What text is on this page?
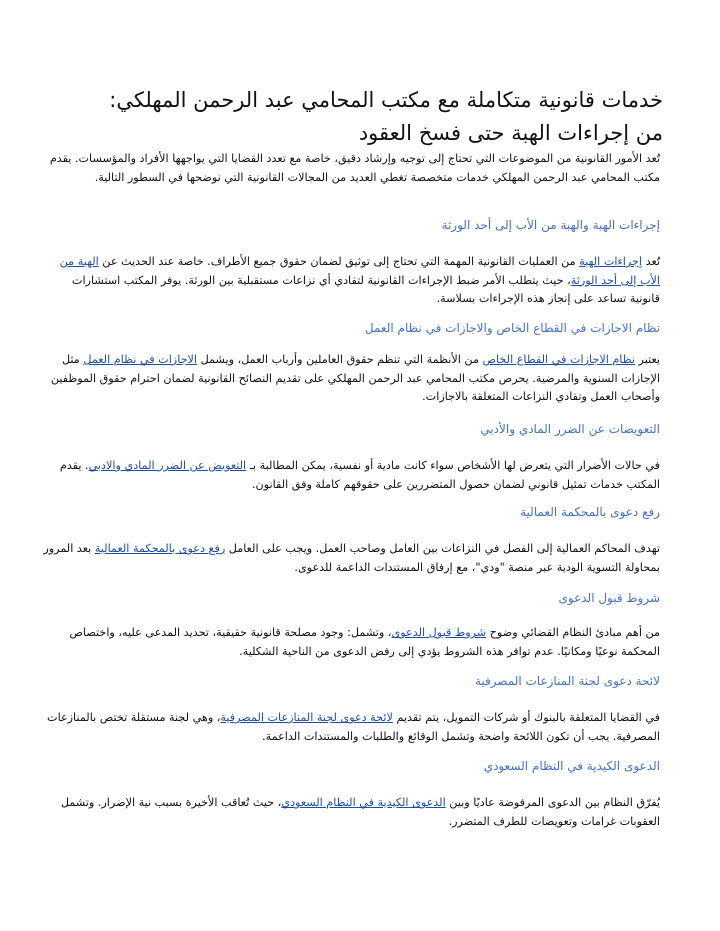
خدمات قانونية متكاملة مع مكتب المحامي عبد الرحمن المهلكي: من إجراءات الهبة حتى فسخ العقود

تُعد الأمور القانونية من الموضوعات التي تحتاج إلى توجيه وإرشاد دقيق، خاصة مع تعدد القضايا التي يواجهها الأفراد والمؤسسات. يقدم مكتب المحامي عبد الرحمن المهلكي خدمات متخصصة تغطي العديد من المجالات القانونية التي نوضحها في السطور التالية.

إجراءات الهبة والهبة من الأب إلى أحد الورثة

تُعد إجراءات الهبة من العمليات القانونية المهمة التي تحتاج إلى توثيق لضمان حقوق جميع الأطراف. خاصة عند الحديث عن الهبة من الأب إلى أحد الورثة، حيث يتطلب الأمر ضبط الإجراءات القانونية لتفادي أي نزاعات مستقبلية بين الورثة. يوفر المكتب استشارات قانونية تساعد على إنجاز هذه الإجراءات بسلاسة.

نظام الاجازات في القطاع الخاص والاجازات في نظام العمل

يعتبر نظام الاجازات في القطاع الخاص من الأنظمة التي تنظم حقوق العاملين وأرباب العمل، ويشمل الاجازات في نظام العمل مثل الإجازات السنوية والمرضية. يحرص مكتب المحامي عبد الرحمن المهلكي على تقديم النصائح القانونية لضمان احترام حقوق الموظفين وأصحاب العمل وتفادي النزاعات المتعلقة بالاجازات.

التعويضات عن الضرر المادي والأدبي

في حالات الأضرار التي يتعرض لها الأشخاص سواء كانت مادية أو نفسية، يمكن المطالبة بـ التعويض عن الضرر المادي والادبي. يقدم المكتب خدمات تمثيل قانوني لضمان حصول المتضررين على حقوقهم كاملة وفق القانون.

رفع دعوى بالمحكمة العمالية

تهدف المحاكم العمالية إلى الفصل في النزاعات بين العامل وصاحب العمل. ويجب على العامل رفع دعوى بالمحكمة العمالية بعد المرور بمحاولة التسوية الودية عبر منصة "ودي"، مع إرفاق المستندات الداعمة للدعوى.

شروط قبول الدعوى

من أهم مبادئ النظام القضائي وضوح شروط قبول الدعوى، وتشمل: وجود مصلحة قانونية حقيقية، تحديد المدعى عليه، واختصاص المحكمة نوعيًا ومكانيًا. عدم توافر هذه الشروط يؤدي إلى رفض الدعوى من الناحية الشكلية.

لائحة دعوى لجنة المنازعات المصرفية

في القضايا المتعلقة بالبنوك أو شركات التمويل، يتم تقديم لائحة دعوى لجنة المنازعات المصرفية، وهي لجنة مستقلة تختص بالمنازعات المصرفية. يجب أن تكون اللائحة واضحة وتشمل الوقائع والطلبات والمستندات الداعمة.

الدعوى الكيدية في النظام السعودي

يُفرّق النظام بين الدعوى المرفوضة عاديًا وبين الدعوى الكيدية في النظام السعودي، حيث تُعاقب الأخيرة بسبب نية الإضرار. وتشمل العقوبات غرامات وتعويضات للطرف المتضرر.
